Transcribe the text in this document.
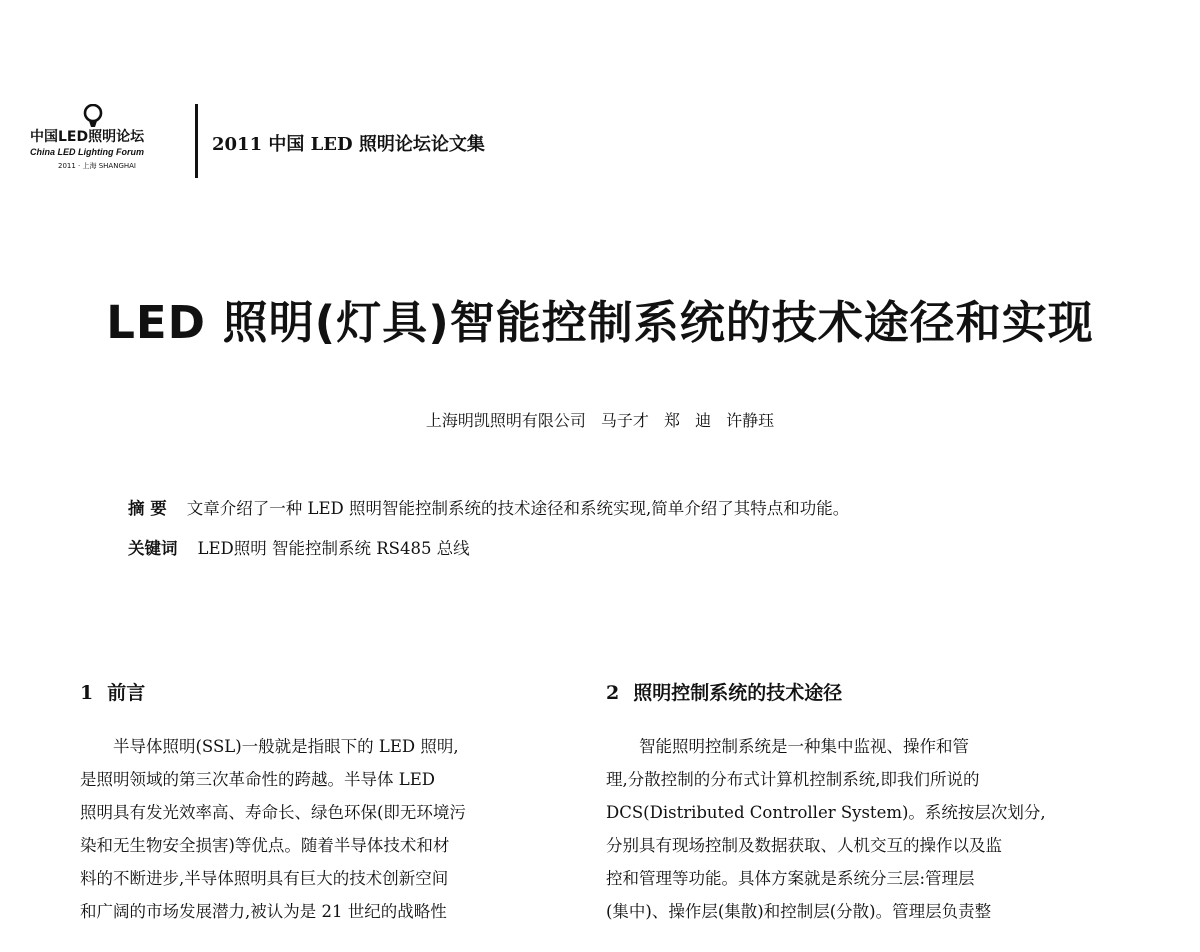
中国LED照明论坛
China LED Lighting Forum
2011 · 上海 SHANGHAI
2011 中国 LED 照明论坛论文集
LED 照明(灯具)智能控制系统的技术途径和实现
上海明凯照明有限公司 马子才 郑 迪 许静珏
摘 要 文章介绍了一种 LED 照明智能控制系统的技术途径和系统实现,简单介绍了其特点和功能。
关键词 LED照明 智能控制系统 RS485 总线
1 前言	2 照明控制系统的技术途径
　　半导体照明(SSL)一般就是指眼下的 LED 照明,
是照明领域的第三次革命性的跨越。半导体 LED
照明具有发光效率高、寿命长、绿色环保(即无环境污
染和无生物安全损害)等优点。随着半导体技术和材
料的不断进步,半导体照明具有巨大的技术创新空间
和广阔的市场发展潜力,被认为是 21 世纪的战略性
　　智能照明控制系统是一种集中监视、操作和管
理,分散控制的分布式计算机控制系统,即我们所说的
DCS(Distributed Controller System)。系统按层次划分,
分别具有现场控制及数据获取、人机交互的操作以及监
控和管理等功能。具体方案就是系统分三层:管理层
(集中)、操作层(集散)和控制层(分散)。管理层负责整
